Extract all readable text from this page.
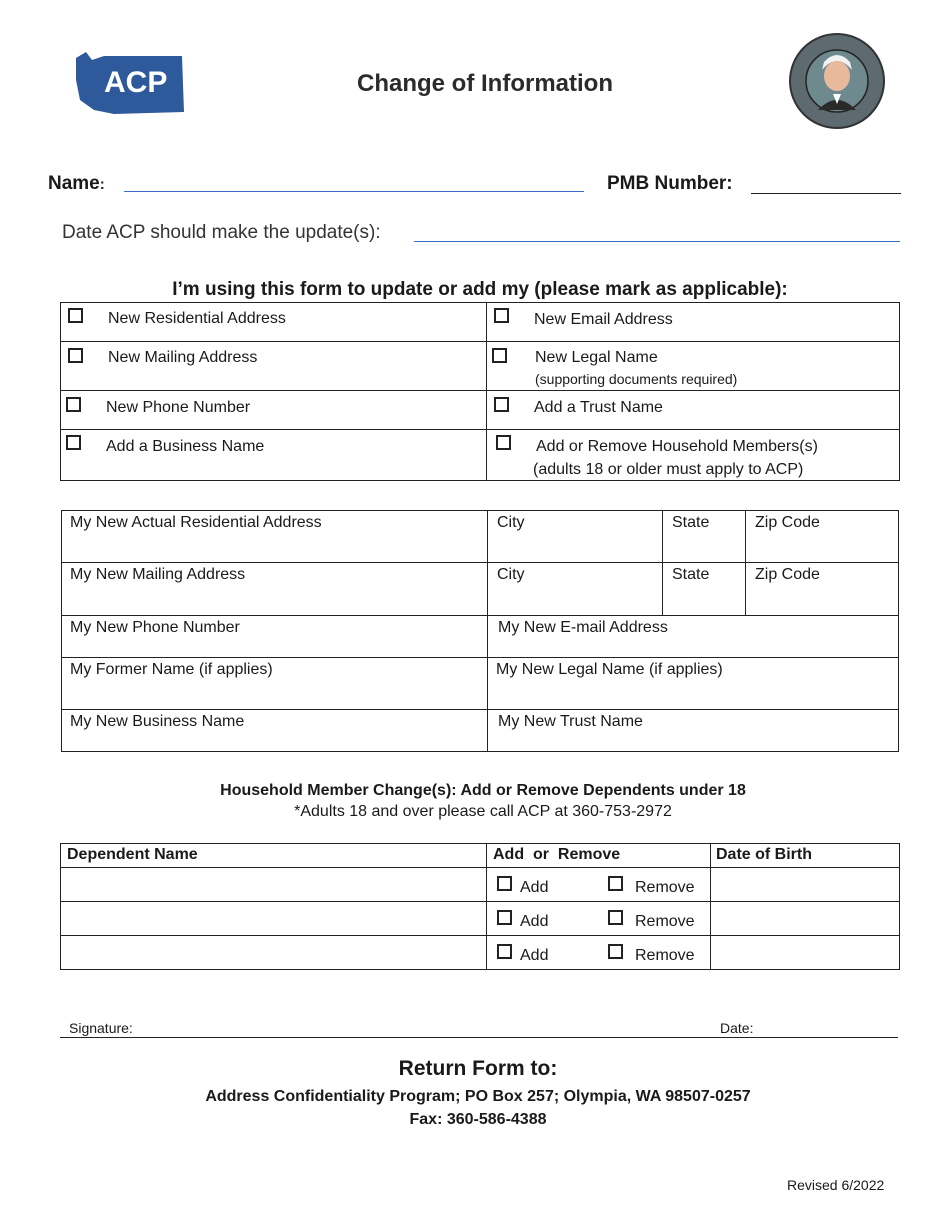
ACP	Change of Information
Name:	PMB Number:
Date ACP should make the update(s):
I’m using this form to update or add my (please mark as applicable):
New Residential Address	New Email Address

New Mailing Address	New Legal Name
(supporting documents required)

New Phone Number	Add a Trust Name

Add a Business Name	Add or Remove Household Members(s)
(adults 18 or older must apply to ACP)
My New Actual Residential Address	City	State	Zip Code
My New Mailing Address	City	State	Zip Code
My New Phone Number	My New E-mail Address		
My Former Name (if applies)	My New Legal Name (if applies)		
My New Business Name	My New Trust Name		
Household Member Change(s): Add or Remove Dependents under 18
*Adults 18 and over please call ACP at 360-753-2972
Dependent Name	Add  or  Remove	Date of Birth

	Add Remove	

	Add Remove	

	Add Remove	

Signature:	Date:
Return Form to:
Address Confidentiality Program; PO Box 257; Olympia, WA 98507-0257
Fax: 360-586-4388
Revised 6/2022
